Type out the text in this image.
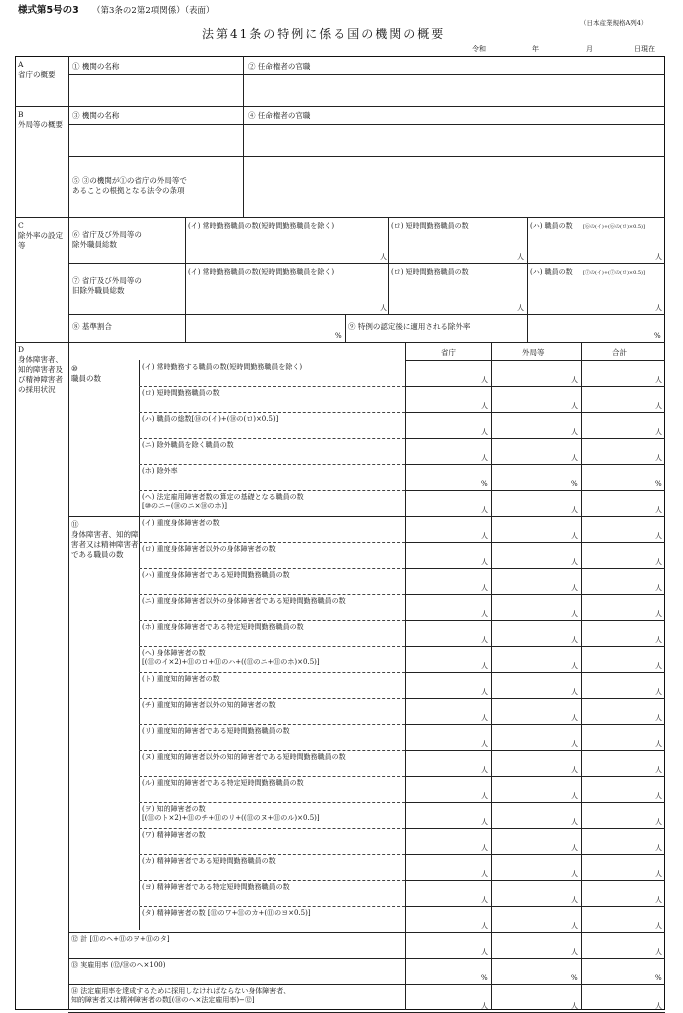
様式第5号の3 （第3条の2第2項関係）（表面）
（日本産業規格A列4）
法第41条の特例に係る国の機関の概要
令和	年	月	日現在
A
省庁の概要
① 機関の名称	② 任命権者の官職
B
外局等の概要
③ 機関の名称	④ 任命権者の官職
⑤ ③の機関が①の省庁の外局等で
あることの根拠となる法令の条項
C
除外率の設定等
⑥ 省庁及び外局等の
除外職員総数
⑦ 省庁及び外局等の
旧除外職員総数
(イ) 常時勤務職員の数(短時間勤務職員を除く)	(ロ) 短時間勤務職員の数	(ハ) 職員の数 [⑥の(イ)+(⑥の(ロ)×0.5)]
人	人	人
(イ) 常時勤務職員の数(短時間勤務職員を除く)	(ロ) 短時間勤務職員の数	(ハ) 職員の数 [⑦の(イ)+(⑦の(ロ)×0.5)]
人	人	人
⑧ 基準割合
%
⑨ 特例の認定後に適用される除外率
%
D
身体障害者、知的障害者及び精神障害者の採用状況
省庁	外局等	合計
⑩
職員の数
⑪
身体障害者、知的障害者又は精神障害者である職員の数
(イ) 常時勤務する職員の数(短時間勤務職員を除く)
人	人	人
(ロ) 短時間勤務職員の数
人	人	人
(ハ) 職員の総数[⑩の(イ)+(⑩の(ロ)×0.5)]
人	人	人
(ニ) 除外職員を除く職員の数
人	人	人
(ホ) 除外率
%	%	%
(ヘ) 法定雇用障害者数の算定の基礎となる職員の数
[⑩のニ−(⑩のニ×⑩のホ)]	人	人	人
(イ) 重度身体障害者の数
人	人	人
(ロ) 重度身体障害者以外の身体障害者の数
人	人	人
(ハ) 重度身体障害者である短時間勤務職員の数
人	人	人
(ニ) 重度身体障害者以外の身体障害者である短時間勤務職員の数
人	人	人
(ホ) 重度身体障害者である特定短時間勤務職員の数
人	人	人
(ヘ) 身体障害者の数
[(⑪のイ×2)+⑪のロ+⑪のハ+((⑪のニ+⑪のホ)×0.5)]	人	人	人
(ト) 重度知的障害者の数
人	人	人
(チ) 重度知的障害者以外の知的障害者の数
人	人	人
(リ) 重度知的障害者である短時間勤務職員の数
人	人	人
(ヌ) 重度知的障害者以外の知的障害者である短時間勤務職員の数
人	人	人
(ル) 重度知的障害者である特定短時間勤務職員の数
人	人	人
(ヲ) 知的障害者の数
[(⑪のト×2)+⑪のチ+⑪のリ+((⑪のヌ+⑪のル)×0.5)]	人	人	人
(ワ) 精神障害者の数
人	人	人
(カ) 精神障害者である短時間勤務職員の数
人	人	人
(ヨ) 精神障害者である特定短時間勤務職員の数
人	人	人
(タ) 精神障害者の数 [⑪のワ+⑪のカ+(⑪のヨ×0.5)]
人	人	人
⑫ 計 [⑪のヘ+⑪のヲ+⑪のタ]
人	人	人
⑬ 実雇用率 (⑫/⑩のヘ×100)
%	%	%
⑭ 法定雇用率を達成するために採用しなければならない身体障害者、
知的障害者又は精神障害者の数[(⑩のヘ×法定雇用率)−⑫]
人	人	人
